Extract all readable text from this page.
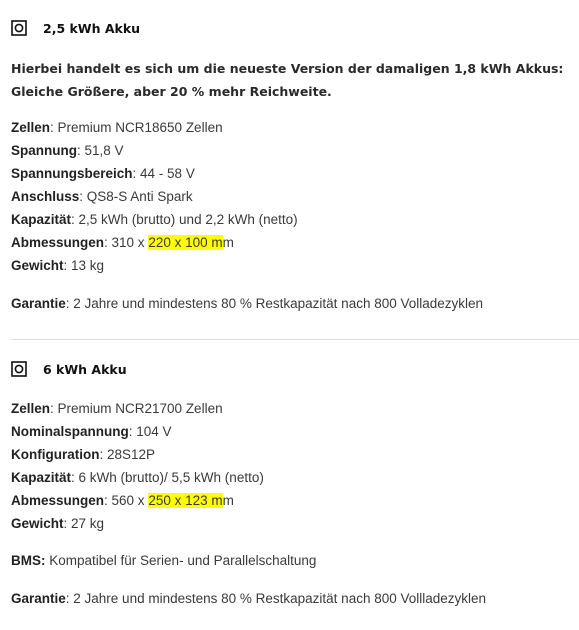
2,5 kWh Akku
Hierbei handelt es sich um die neueste Version der damaligen 1,8 kWh Akkus:
Gleiche Größere, aber 20 % mehr Reichweite.
Zellen: Premium NCR18650 Zellen
Spannung: 51,8 V
Spannungsbereich: 44 - 58 V
Anschluss: QS8-S Anti Spark
Kapazität: 2,5 kWh (brutto) und 2,2 kWh (netto)
Abmessungen: 310 x 220 x 100 mm
Gewicht: 13 kg
Garantie: 2 Jahre und mindestens 80 % Restkapazität nach 800 Volladezyklen
6 kWh Akku
Zellen: Premium NCR21700 Zellen
Nominalspannung: 104 V
Konfiguration: 28S12P
Kapazität: 6 kWh (brutto)/ 5,5 kWh (netto)
Abmessungen: 560 x 250 x 123 mm
Gewicht: 27 kg
BMS: Kompatibel für Serien- und Parallelschaltung
Garantie: 2 Jahre und mindestens 80 % Restkapazität nach 800 Vollladezyklen
